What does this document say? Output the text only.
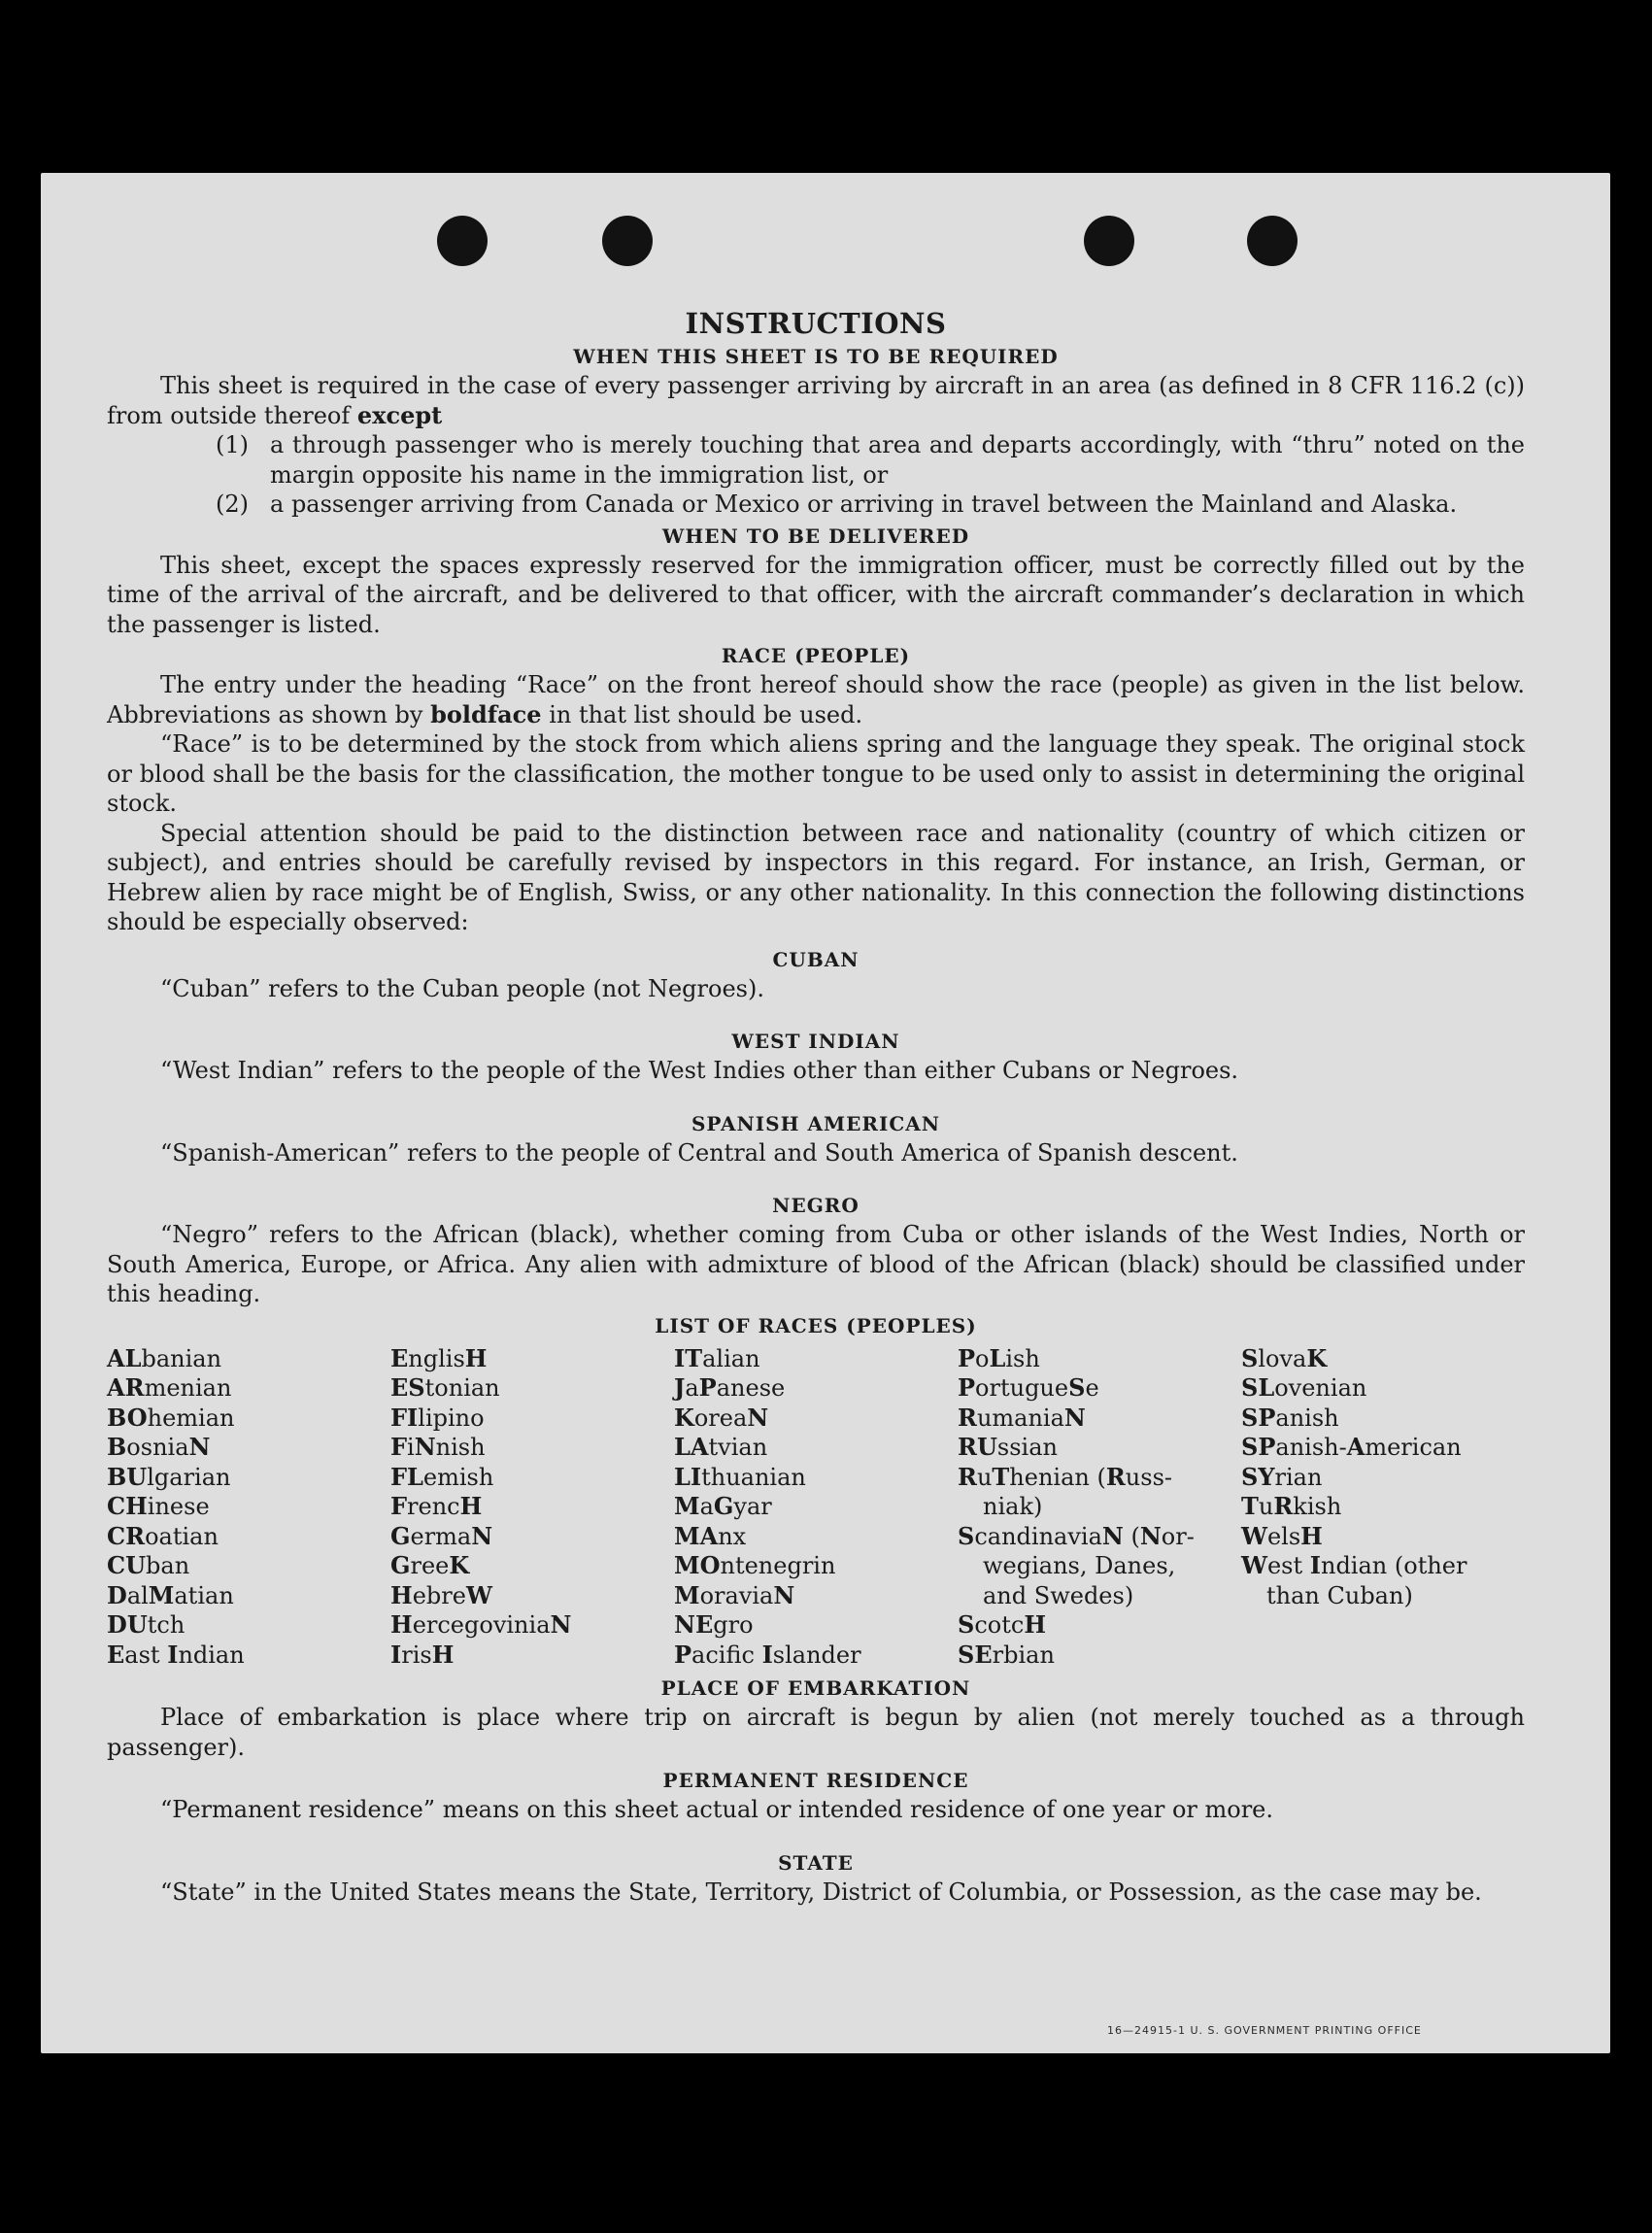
INSTRUCTIONS
WHEN THIS SHEET IS TO BE REQUIRED
This sheet is required in the case of every passenger arriving by aircraft in an area (as defined in 8 CFR 116.2 (c)) from outside thereof except
(1) a through passenger who is merely touching that area and departs accordingly, with “thru” noted on the margin opposite his name in the immigration list, or
(2) a passenger arriving from Canada or Mexico or arriving in travel between the Mainland and Alaska.
WHEN TO BE DELIVERED
This sheet, except the spaces expressly reserved for the immigration officer, must be correctly filled out by the time of the arrival of the aircraft, and be delivered to that officer, with the aircraft commander’s declaration in which the passenger is listed.
RACE (PEOPLE)
The entry under the heading “Race” on the front hereof should show the race (people) as given in the list below. Abbreviations as shown by boldface in that list should be used.
“Race” is to be determined by the stock from which aliens spring and the language they speak. The original stock or blood shall be the basis for the classification, the mother tongue to be used only to assist in determining the original stock.
Special attention should be paid to the distinction between race and nationality (country of which citizen or subject), and entries should be carefully revised by inspectors in this regard. For instance, an Irish, German, or Hebrew alien by race might be of English, Swiss, or any other nationality. In this connection the following distinctions should be especially observed:
CUBAN
“Cuban” refers to the Cuban people (not Negroes).
WEST INDIAN
“West Indian” refers to the people of the West Indies other than either Cubans or Negroes.
SPANISH AMERICAN
“Spanish-American” refers to the people of Central and South America of Spanish descent.
NEGRO
“Negro” refers to the African (black), whether coming from Cuba or other islands of the West Indies, North or South America, Europe, or Africa. Any alien with admixture of blood of the African (black) should be classified under this heading.
LIST OF RACES (PEOPLES)
ALbanian
ARmenian
BOhemian
BosniaN
BUlgarian
CHinese
CRoatian
CUban
DalMatian
DUtch
East Indian
EnglisH
EStonian
FIlipino
FiNnish
FLemish
FrencH
GermaN
GreeK
HebreW
HercegoviniaN
IrisH
ITalian
JaPanese
KoreaN
LAtvian
LIthuanian
MaGyar
MAnx
MOntenegrin
MoraviaN
NEgro
Pacific Islander
PoLish
PortugueSe
RumaniaN
RUssian
RuThenian (Russ-
niak)
ScandinaviaN (Nor-
wegians, Danes,
and Swedes)
ScotcH
SErbian
SlovaK
SLovenian
SPanish
SPanish-American
SYrian
TuRkish
WelsH
West Indian (other
than Cuban)
PLACE OF EMBARKATION
Place of embarkation is place where trip on aircraft is begun by alien (not merely touched as a through passenger).
PERMANENT RESIDENCE
“Permanent residence” means on this sheet actual or intended residence of one year or more.
STATE
“State” in the United States means the State, Territory, District of Columbia, or Possession, as the case may be.
16—24915-1 U. S. GOVERNMENT PRINTING OFFICE
